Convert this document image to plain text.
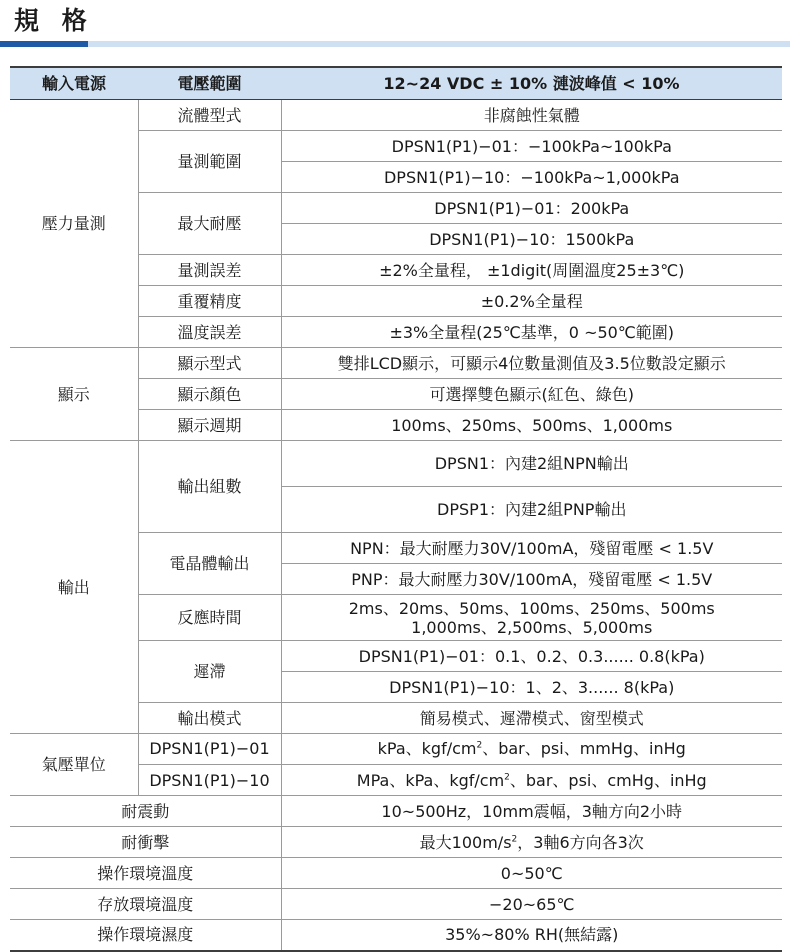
規 格
輸入電源	電壓範圍	12~24 VDC ± 10% 漣波峰值 < 10%
壓力量測	流體型式	非腐蝕性氣體
	量測範圍	DPSN1(P1)−01：−100kPa~100kPa
		DPSN1(P1)−10：−100kPa~1,000kPa
	最大耐壓	DPSN1(P1)−01：200kPa
		DPSN1(P1)−10：1500kPa
	量測誤差	±2%全量程， ±1digit(周圍溫度25±3℃)
	重覆精度	±0.2%全量程
	溫度誤差	±3%全量程(25℃基準，0 ~50℃範圍)
顯示	顯示型式	雙排LCD顯示，可顯示4位數量測值及3.5位數設定顯示
	顯示顏色	可選擇雙色顯示(紅色、綠色)
	顯示週期	100ms、250ms、500ms、1,000ms
輸出	輸出組數	DPSN1：內建2組NPN輸出
		DPSP1：內建2組PNP輸出
	電晶體輸出	NPN：最大耐壓力30V/100mA，殘留電壓 < 1.5V
		PNP：最大耐壓力30V/100mA，殘留電壓 < 1.5V
	反應時間	2ms、20ms、50ms、100ms、250ms、500ms
1,000ms、2,500ms、5,000ms

	遲滯	DPSN1(P1)−01：0.1、0.2、0.3...... 0.8(kPa)
		DPSN1(P1)−10：1、2、3...... 8(kPa)
	輸出模式	簡易模式、遲滯模式、窗型模式

氣壓單位	DPSN1(P1)−01	kPa、kgf/$cm^2$、bar、psi、mmHg、inHg
	DPSN1(P1)−10	MPa、kPa、kgf/$cm^2$、bar、psi、cmHg、inHg
耐震動		10~500Hz，10mm震幅，3軸方向2小時
耐衝擊		最大$100m/s^2$，3軸6方向各3次
操作環境溫度		0~50℃
存放環境溫度		−20~65℃
操作環境濕度		35%~80% RH(無結露)
